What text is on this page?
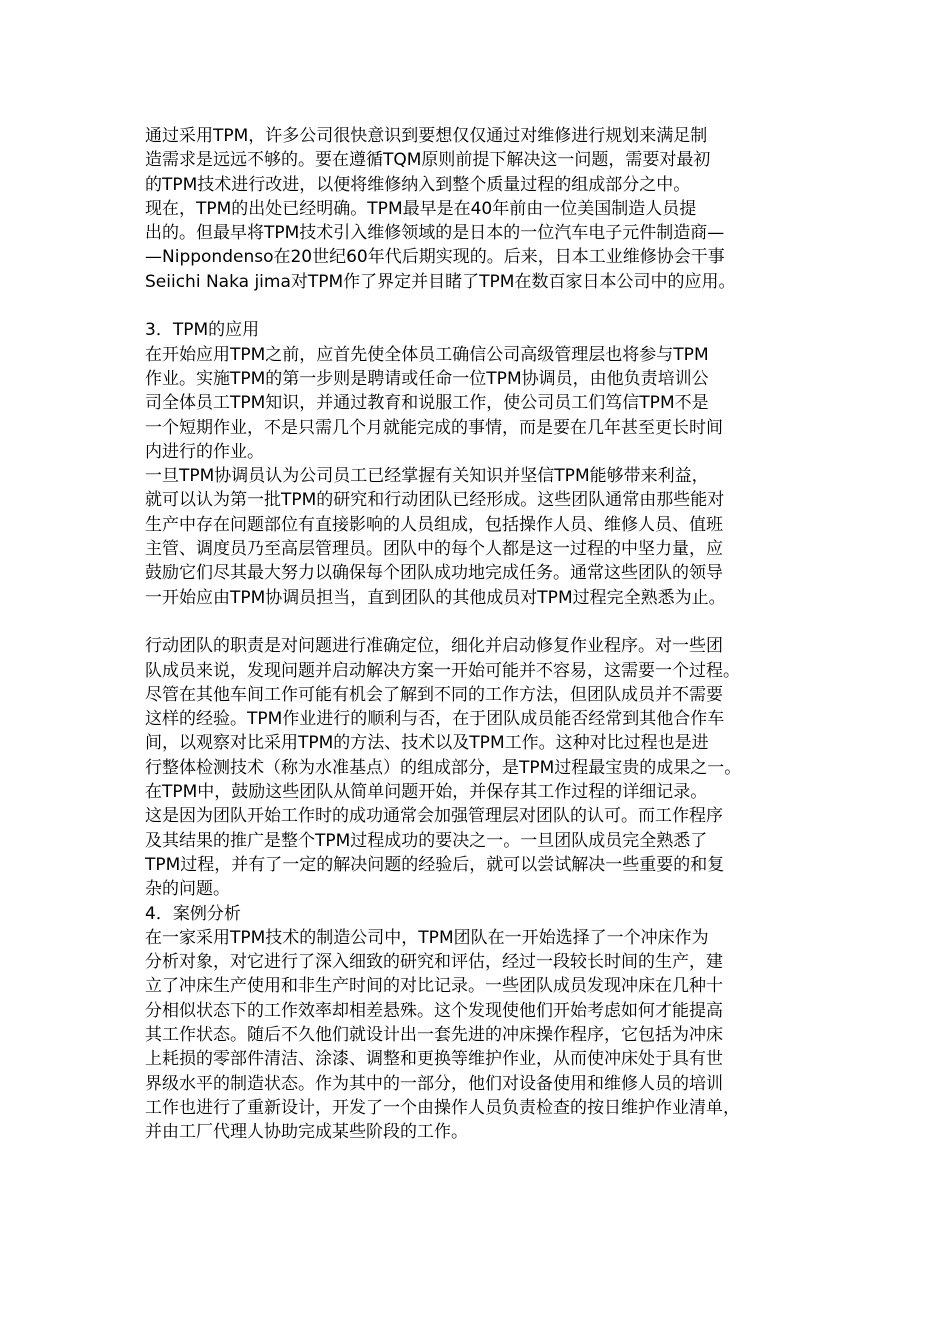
通过采用TPM，许多公司很快意识到要想仅仅通过对维修进行规划来满足制
造需求是远远不够的。要在遵循TQM原则前提下解决这一问题，需要对最初
的TPM技术进行改进，以便将维修纳入到整个质量过程的组成部分之中。
现在，TPM的出处已经明确。TPM最早是在40年前由一位美国制造人员提
出的。但最早将TPM技术引入维修领域的是日本的一位汽车电子元件制造商—
—Nippondenso在20世纪60年代后期实现的。后来，日本工业维修协会干事
Seiichi Naka jima对TPM作了界定并目睹了TPM在数百家日本公司中的应用。
3．TPM的应用
在开始应用TPM之前，应首先使全体员工确信公司高级管理层也将参与TPM
作业。实施TPM的第一步则是聘请或任命一位TPM协调员，由他负责培训公
司全体员工TPM知识，并通过教育和说服工作，使公司员工们笃信TPM不是
一个短期作业，不是只需几个月就能完成的事情，而是要在几年甚至更长时间
内进行的作业。
一旦TPM协调员认为公司员工已经掌握有关知识并坚信TPM能够带来利益，
就可以认为第一批TPM的研究和行动团队已经形成。这些团队通常由那些能对
生产中存在问题部位有直接影响的人员组成，包括操作人员、维修人员、值班
主管、调度员乃至高层管理员。团队中的每个人都是这一过程的中坚力量，应
鼓励它们尽其最大努力以确保每个团队成功地完成任务。通常这些团队的领导
一开始应由TPM协调员担当，直到团队的其他成员对TPM过程完全熟悉为止。
行动团队的职责是对问题进行准确定位，细化并启动修复作业程序。对一些团
队成员来说，发现问题并启动解决方案一开始可能并不容易，这需要一个过程。
尽管在其他车间工作可能有机会了解到不同的工作方法，但团队成员并不需要
这样的经验。TPM作业进行的顺利与否，在于团队成员能否经常到其他合作车
间，以观察对比采用TPM的方法、技术以及TPM工作。这种对比过程也是进
行整体检测技术（称为水准基点）的组成部分，是TPM过程最宝贵的成果之一。
在TPM中，鼓励这些团队从简单问题开始，并保存其工作过程的详细记录。
这是因为团队开始工作时的成功通常会加强管理层对团队的认可。而工作程序
及其结果的推广是整个TPM过程成功的要决之一。一旦团队成员完全熟悉了
TPM过程，并有了一定的解决问题的经验后，就可以尝试解决一些重要的和复
杂的问题。
4．案例分析
在一家采用TPM技术的制造公司中，TPM团队在一开始选择了一个冲床作为
分析对象，对它进行了深入细致的研究和评估，经过一段较长时间的生产，建
立了冲床生产使用和非生产时间的对比记录。一些团队成员发现冲床在几种十
分相似状态下的工作效率却相差悬殊。这个发现使他们开始考虑如何才能提高
其工作状态。随后不久他们就设计出一套先进的冲床操作程序，它包括为冲床
上耗损的零部件清洁、涂漆、调整和更换等维护作业，从而使冲床处于具有世
界级水平的制造状态。作为其中的一部分，他们对设备使用和维修人员的培训
工作也进行了重新设计，开发了一个由操作人员负责检查的按日维护作业清单，
并由工厂代理人协助完成某些阶段的工作。
